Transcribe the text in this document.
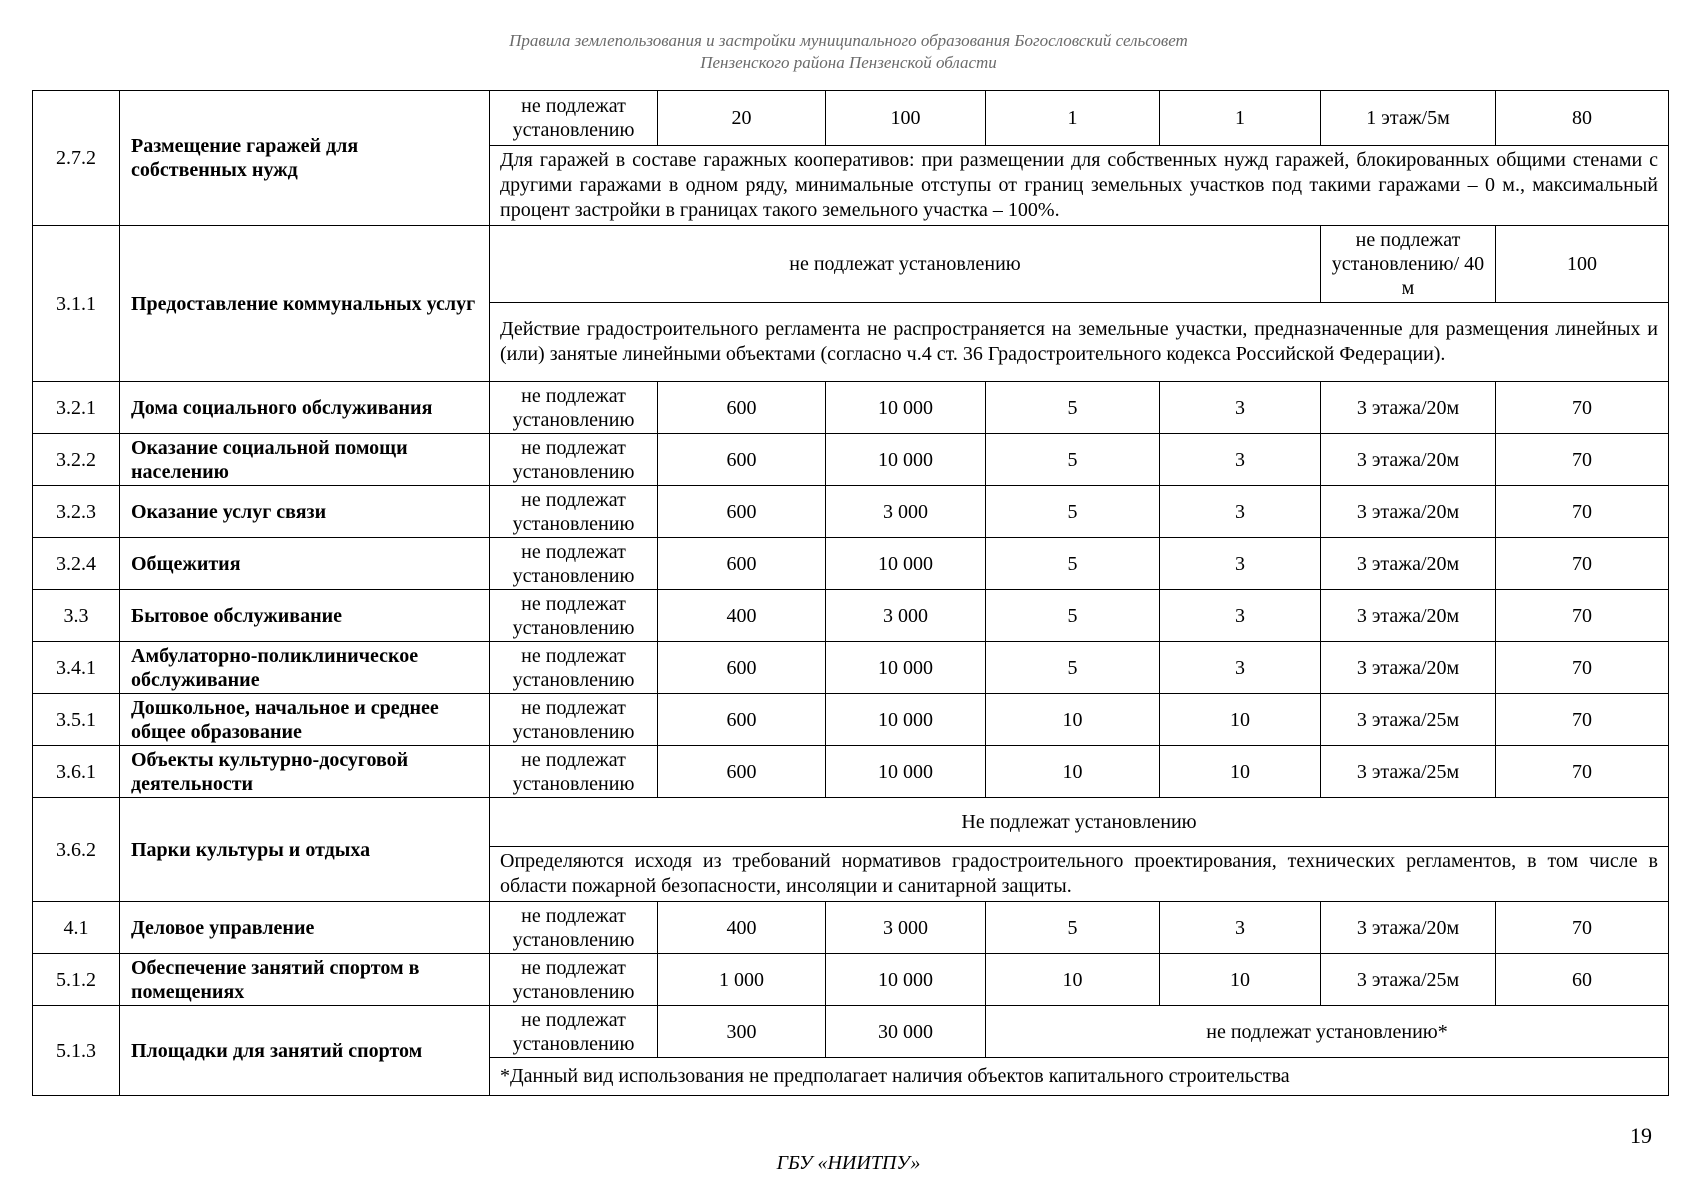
Правила землепользования и застройки муниципального образования Богословский сельсовет
Пензенского района Пензенской области
2.7.2	Размещение гаражей для собственных нужд	не подлежат установлению	20	100	1	1	1 этаж/5м	80
		Для гаражей в составе гаражных кооперативов: при размещении для собственных нужд гаражей, блокированных общими стенами с другими гаражами в одном ряду, минимальные отступы от границ земельных участков под такими гаражами – 0 м., максимальный процент застройки в границах такого земельного участка – 100%.						
3.1.1	Предоставление коммунальных услуг	не подлежат установлению					не подлежат установлению/ 40 м	100
		Действие градостроительного регламента не распространяется на земельные участки, предназначенные для размещения линейных и (или) занятые линейными объектами (согласно ч.4 ст. 36 Градостроительного кодекса Российской Федерации).						
3.2.1	Дома социального обслуживания	не подлежат установлению	600	10 000	5	3	3 этажа/20м	70
3.2.2	Оказание социальной помощи населению	не подлежат установлению	600	10 000	5	3	3 этажа/20м	70
3.2.3	Оказание услуг связи	не подлежат установлению	600	3 000	5	3	3 этажа/20м	70
3.2.4	Общежития	не подлежат установлению	600	10 000	5	3	3 этажа/20м	70
3.3	Бытовое обслуживание	не подлежат установлению	400	3 000	5	3	3 этажа/20м	70
3.4.1	Амбулаторно-поликлиническое обслуживание	не подлежат установлению	600	10 000	5	3	3 этажа/20м	70
3.5.1	Дошкольное, начальное и среднее общее образование	не подлежат установлению	600	10 000	10	10	3 этажа/25м	70
3.6.1	Объекты культурно-досуговой деятельности	не подлежат установлению	600	10 000	10	10	3 этажа/25м	70
3.6.2	Парки культуры и отдыха	Не подлежат установлению						
		Определяются исходя из требований нормативов градостроительного проектирования, технических регламентов, в том числе в области пожарной безопасности, инсоляции и санитарной защиты.						
4.1	Деловое управление	не подлежат установлению	400	3 000	5	3	3 этажа/20м	70
5.1.2	Обеспечение занятий спортом в помещениях	не подлежат установлению	1 000	10 000	10	10	3 этажа/25м	60
5.1.3	Площадки для занятий спортом	не подлежат установлению	300	30 000	не подлежат установлению*			
		*Данный вид использования не предполагает наличия объектов капитального строительства						
19
ГБУ «НИИТПУ»
